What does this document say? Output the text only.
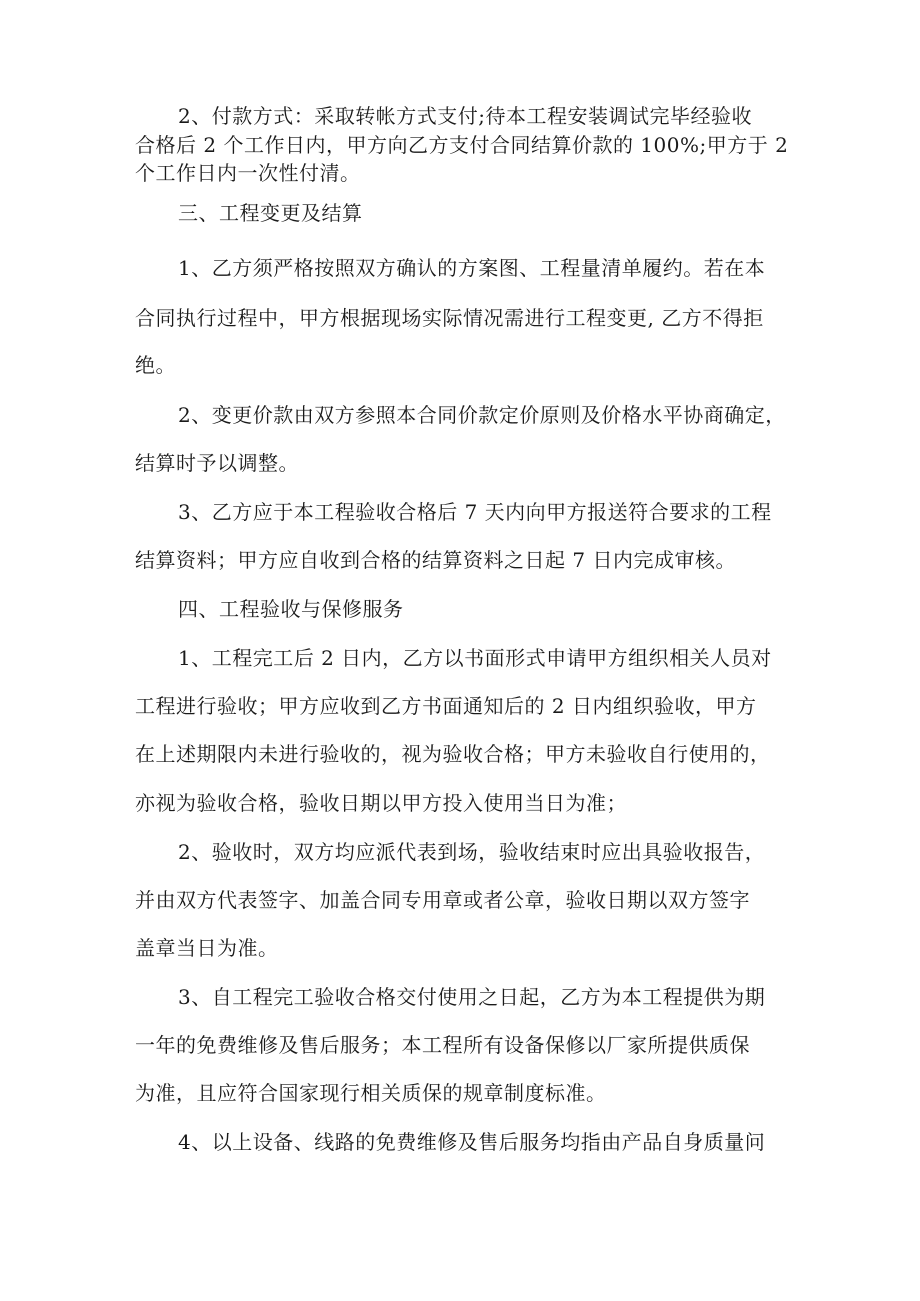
2、付款方式：采取转帐方式支付;待本工程安装调试完毕经验收
合格后 2 个工作日内，甲方向乙方支付合同结算价款的 100%;甲方于 2
个工作日内一次性付清。
三、工程变更及结算
1、乙方须严格按照双方确认的方案图、工程量清单履约。若在本
合同执行过程中，甲方根据现场实际情况需进行工程变更, 乙方不得拒
绝。
2、变更价款由双方参照本合同价款定价原则及价格水平协商确定，
结算时予以调整。
3、乙方应于本工程验收合格后 7 天内向甲方报送符合要求的工程
结算资料；甲方应自收到合格的结算资料之日起 7 日内完成审核。
四、工程验收与保修服务
1、工程完工后 2 日内，乙方以书面形式申请甲方组织相关人员对
工程进行验收；甲方应收到乙方书面通知后的 2 日内组织验收，甲方
在上述期限内未进行验收的，视为验收合格；甲方未验收自行使用的，
亦视为验收合格，验收日期以甲方投入使用当日为准；
2、验收时，双方均应派代表到场，验收结束时应出具验收报告，
并由双方代表签字、加盖合同专用章或者公章，验收日期以双方签字
盖章当日为准。
3、自工程完工验收合格交付使用之日起，乙方为本工程提供为期
一年的免费维修及售后服务；本工程所有设备保修以厂家所提供质保
为准，且应符合国家现行相关质保的规章制度标准。
4、以上设备、线路的免费维修及售后服务均指由产品自身质量问
